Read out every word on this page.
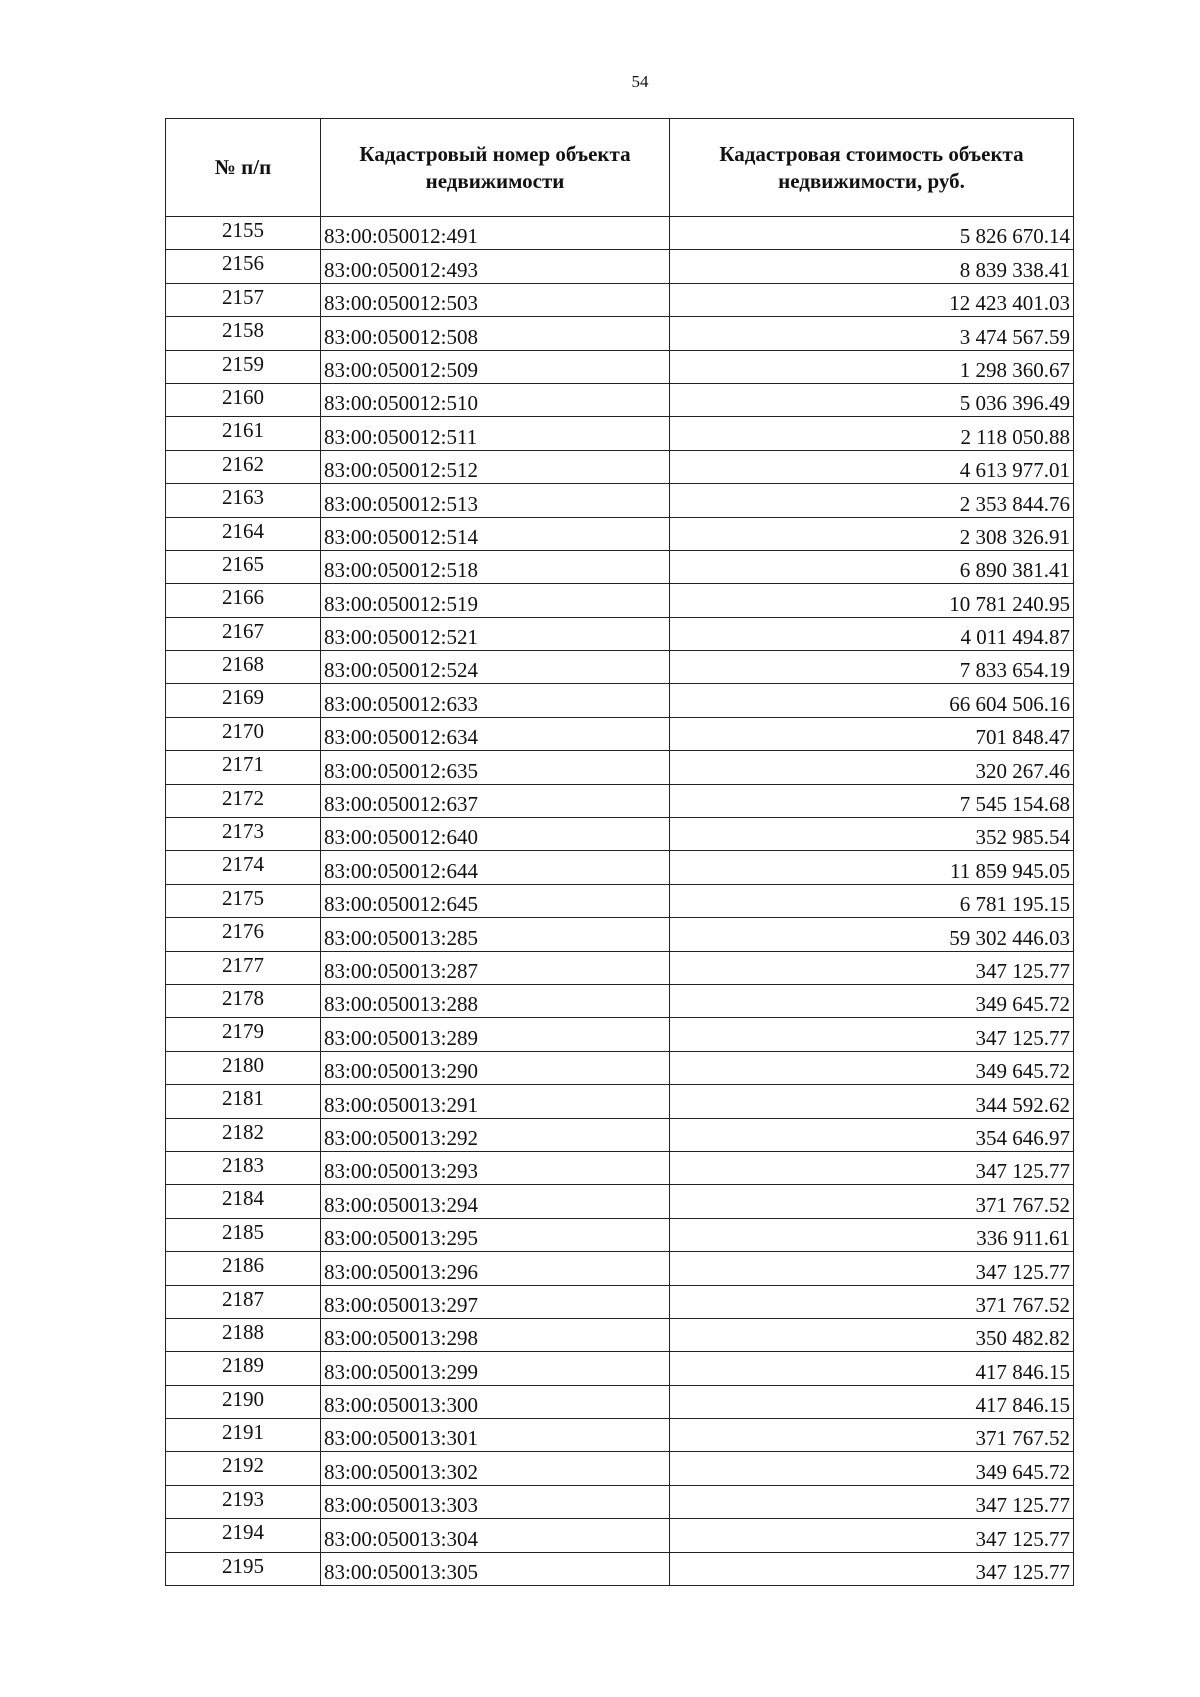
54
№ п/п	Кадастровый номер объекта недвижимости	Кадастровая стоимость объекта недвижимости, руб.
2155	83:00:050012:491	5 826 670.14
2156	83:00:050012:493	8 839 338.41
2157	83:00:050012:503	12 423 401.03
2158	83:00:050012:508	3 474 567.59
2159	83:00:050012:509	1 298 360.67
2160	83:00:050012:510	5 036 396.49
2161	83:00:050012:511	2 118 050.88
2162	83:00:050012:512	4 613 977.01
2163	83:00:050012:513	2 353 844.76
2164	83:00:050012:514	2 308 326.91
2165	83:00:050012:518	6 890 381.41
2166	83:00:050012:519	10 781 240.95
2167	83:00:050012:521	4 011 494.87
2168	83:00:050012:524	7 833 654.19
2169	83:00:050012:633	66 604 506.16
2170	83:00:050012:634	701 848.47
2171	83:00:050012:635	320 267.46
2172	83:00:050012:637	7 545 154.68
2173	83:00:050012:640	352 985.54
2174	83:00:050012:644	11 859 945.05
2175	83:00:050012:645	6 781 195.15
2176	83:00:050013:285	59 302 446.03
2177	83:00:050013:287	347 125.77
2178	83:00:050013:288	349 645.72
2179	83:00:050013:289	347 125.77
2180	83:00:050013:290	349 645.72
2181	83:00:050013:291	344 592.62
2182	83:00:050013:292	354 646.97
2183	83:00:050013:293	347 125.77
2184	83:00:050013:294	371 767.52
2185	83:00:050013:295	336 911.61
2186	83:00:050013:296	347 125.77
2187	83:00:050013:297	371 767.52
2188	83:00:050013:298	350 482.82
2189	83:00:050013:299	417 846.15
2190	83:00:050013:300	417 846.15
2191	83:00:050013:301	371 767.52
2192	83:00:050013:302	349 645.72
2193	83:00:050013:303	347 125.77
2194	83:00:050013:304	347 125.77
2195	83:00:050013:305	347 125.77
